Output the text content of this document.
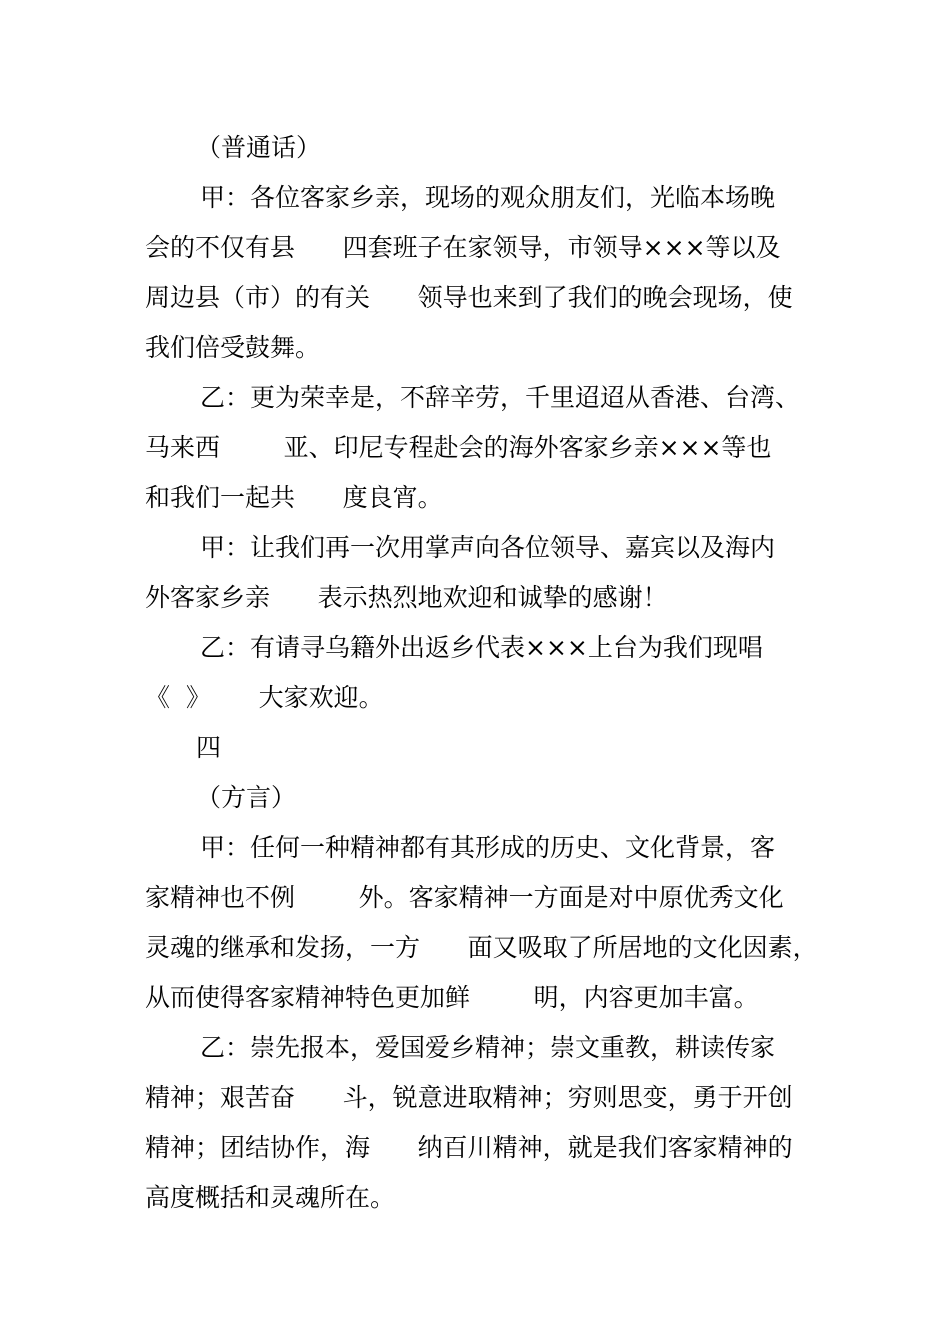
（普通话）

甲：各位客家乡亲，现场的观众朋友们，光临本场晚

会的不仅有县      四套班子在家领导，市领导×××等以及

周边县（市）的有关      领导也来到了我们的晚会现场，使

我们倍受鼓舞。

乙：更为荣幸是，不辞辛劳，千里迢迢从香港、台湾、

马来西        亚、印尼专程赴会的海外客家乡亲×××等也

和我们一起共      度良宵。

甲：让我们再一次用掌声向各位领导、嘉宾以及海内

外客家乡亲      表示热烈地欢迎和诚挚的感谢！

乙：有请寻乌籍外出返乡代表×××上台为我们现唱

《  》      大家欢迎。

四

（方言）

甲：任何一种精神都有其形成的历史、文化背景，客

家精神也不例        外。客家精神一方面是对中原优秀文化

灵魂的继承和发扬，一方      面又吸取了所居地的文化因素，

从而使得客家精神特色更加鲜        明，内容更加丰富。

乙：崇先报本，爱国爱乡精神；崇文重教，耕读传家

精神；艰苦奋      斗，锐意进取精神；穷则思变，勇于开创

精神；团结协作，海      纳百川精神，就是我们客家精神的

高度概括和灵魂所在。
